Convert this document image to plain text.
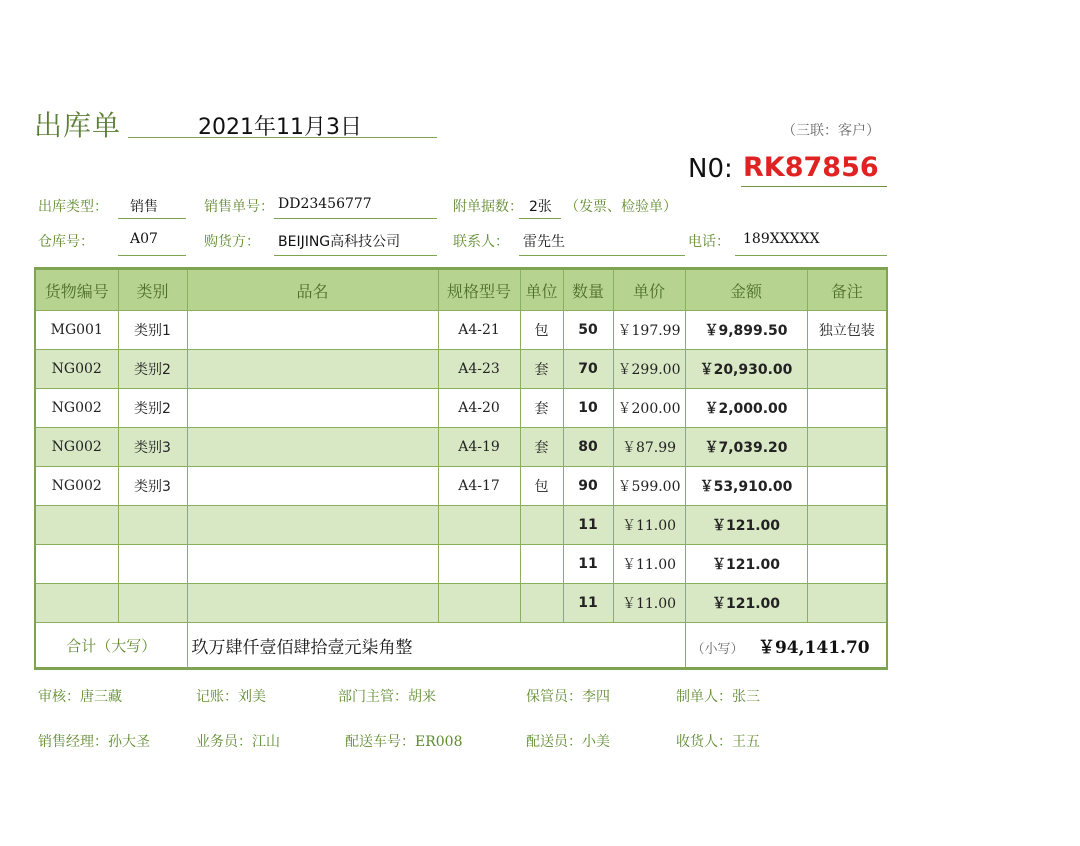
出库单	2021年11月3日	（三联：客户）
N0: RK87856
出库类型： 销售	销售单号： DD23456777	附单据数： 2张 （发票、检验单）
仓库号：	A07	购货方： BEIJING高科技公司	联系人： 雷先生	电话： 189XXXXX
货物编号	类别	品名	规格型号	单位	数量	单价	金额	备注
MG001	类别1		A4-21	包	50	￥197.99	￥9,899.50	独立包装
NG002	类别2		A4-23	套	70	￥299.00	￥20,930.00	
NG002	类别2		A4-20	套	10	￥200.00	￥2,000.00	
NG002	类别3		A4-19	套	80	￥87.99	￥7,039.20	
NG002	类别3		A4-17	包	90	￥599.00	￥53,910.00	
					11	￥11.00	￥121.00	
					11	￥11.00	￥121.00	
					11	￥11.00	￥121.00	
合计（大写）		玖万肆仟壹佰肆拾壹元柒角整					（小写） ￥94,141.70	
审核：唐三藏	记账：刘美	部门主管：胡来	保管员：李四	制单人：张三
销售经理：孙大圣	业务员：江山	配送车号：ER008	配送员：小美	收货人：王五
